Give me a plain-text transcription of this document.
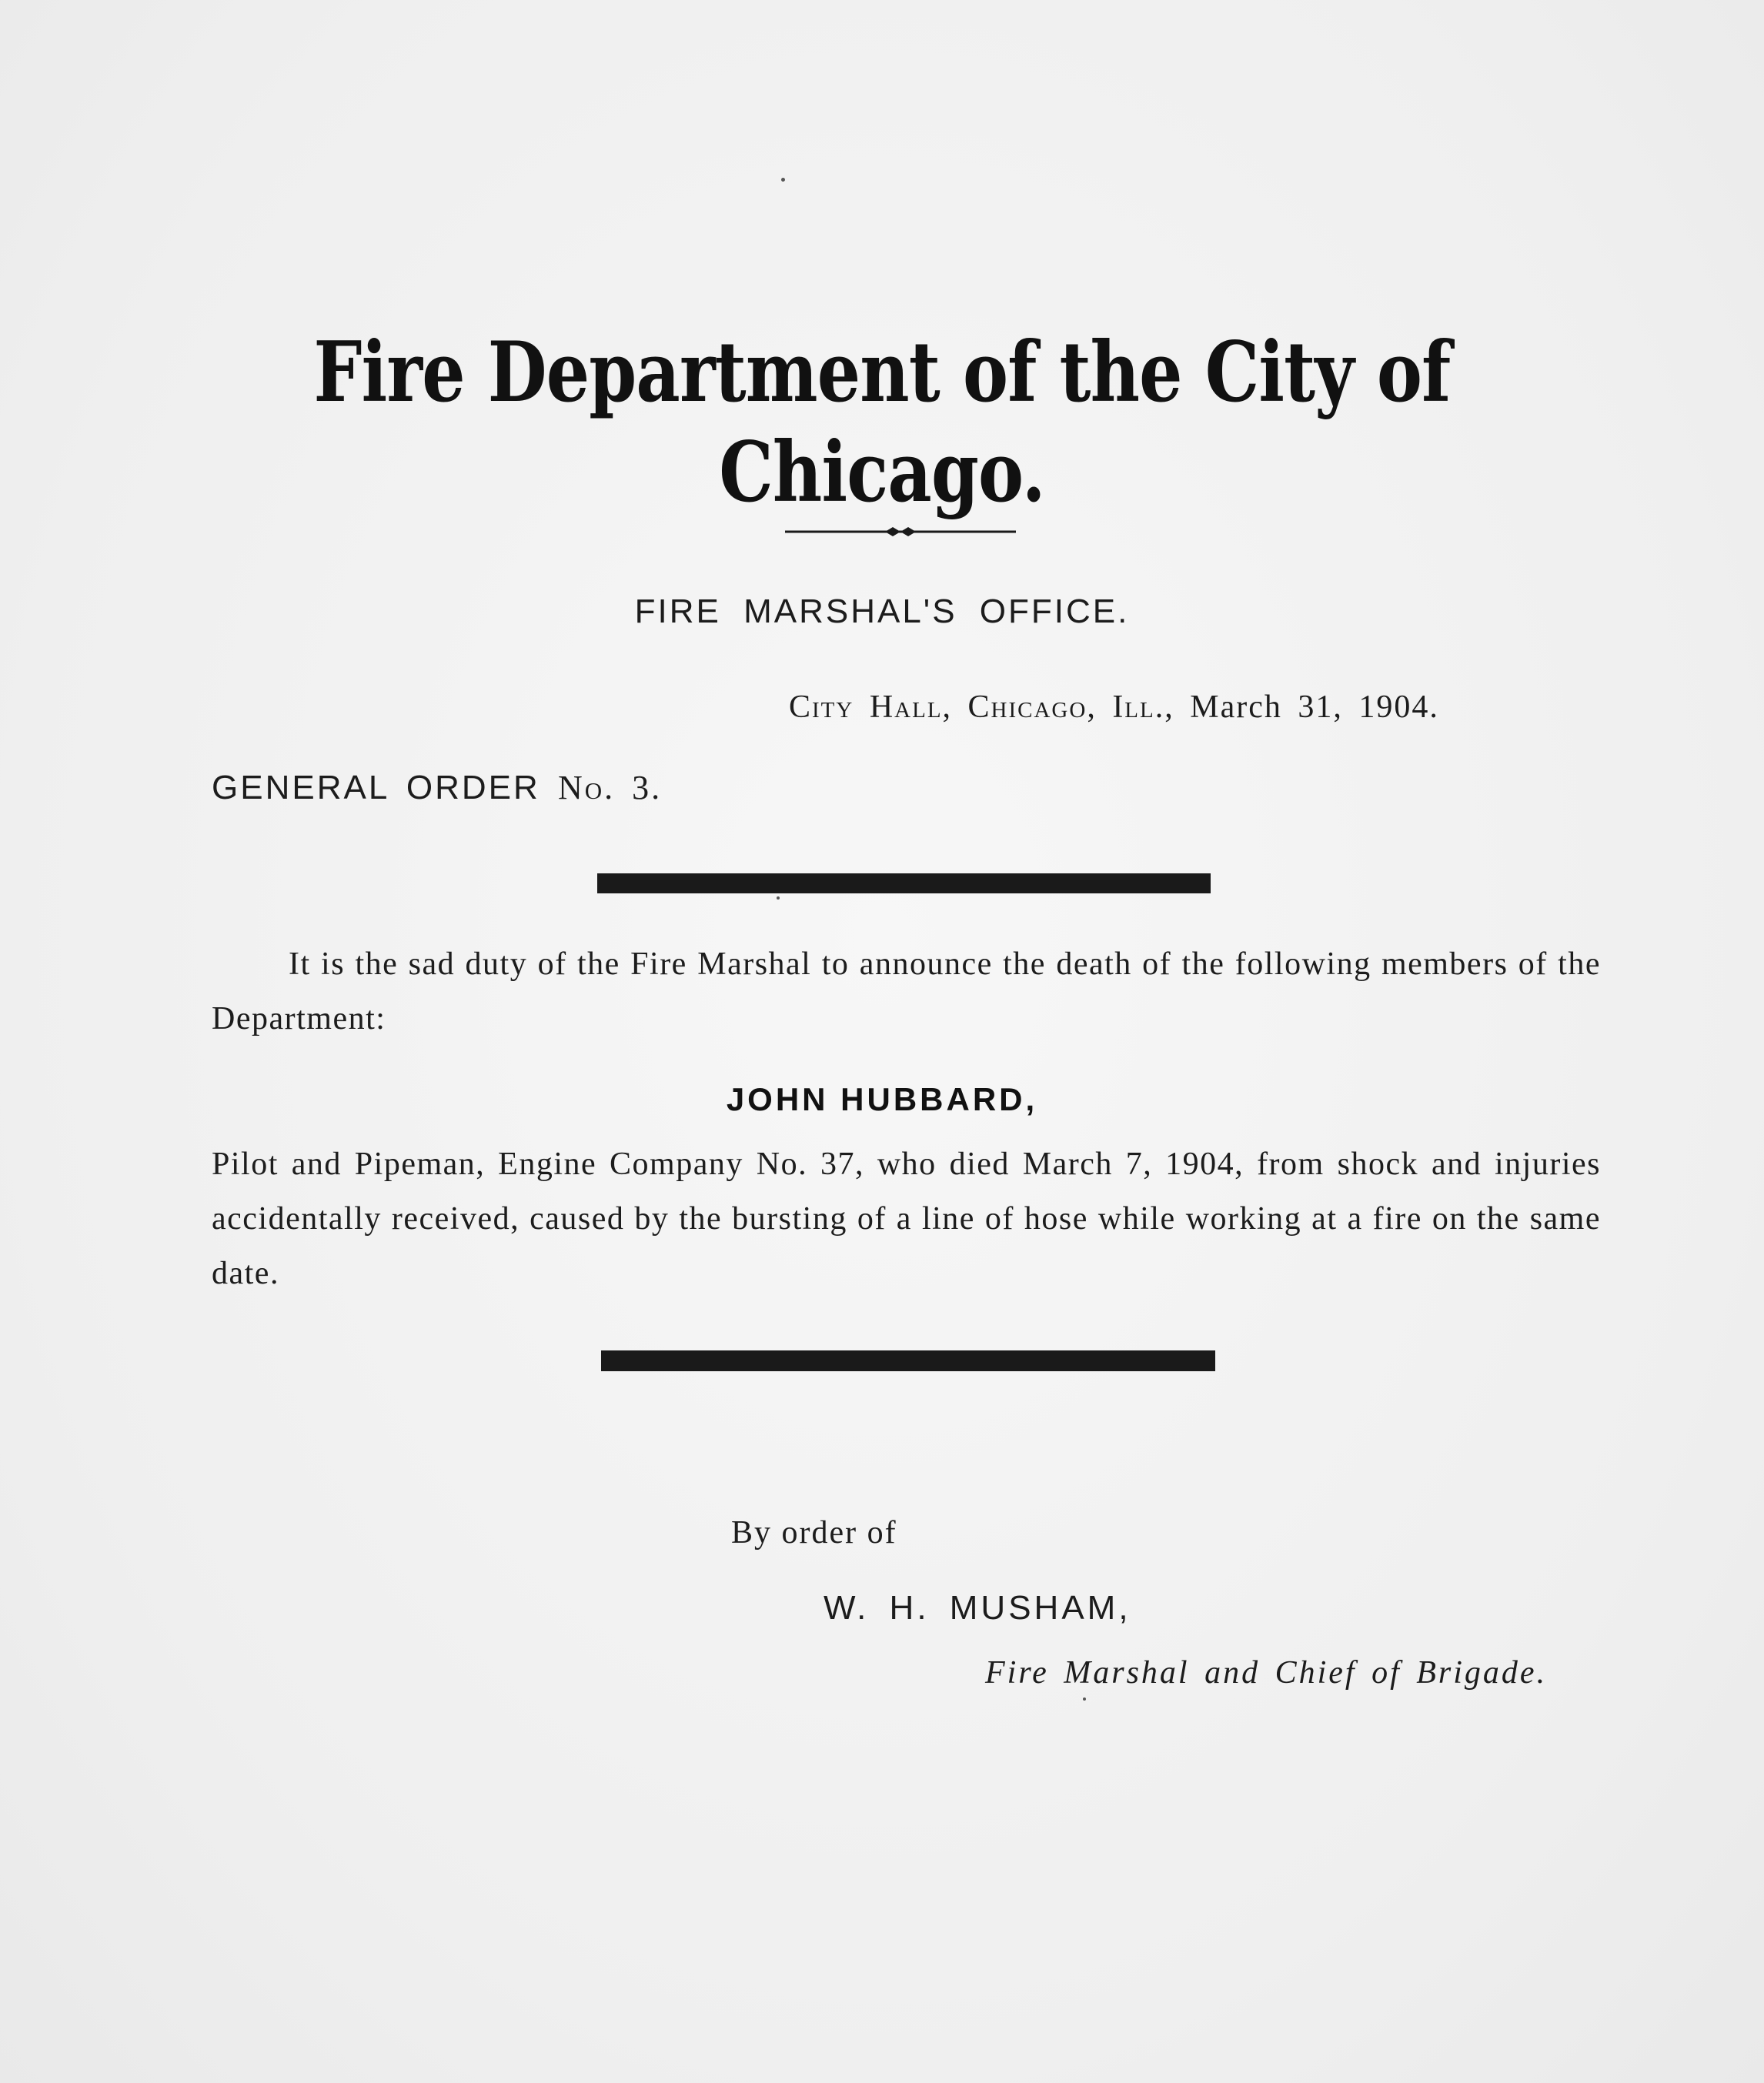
Fire Department of the City of Chicago.
FIRE MARSHAL'S OFFICE.
City Hall, Chicago, Ill., March 31, 1904.
GENERAL ORDER No. 3.

It is the sad duty of the Fire Marshal to announce the death of the following members of the Department:

JOHN HUBBARD,

Pilot and Pipeman, Engine Company No. 37, who died March 7, 1904, from shock and injuries accidentally received, caused by the bursting of a line of hose while working at a fire on the same date.

By order of
W. H. MUSHAM,
Fire Marshal and Chief of Brigade.
